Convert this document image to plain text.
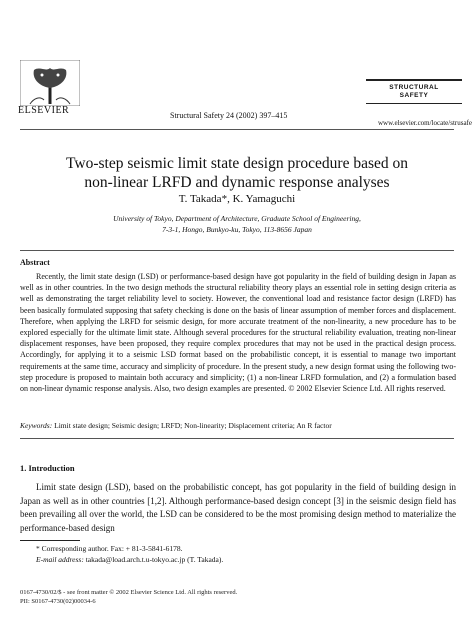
ELSEVIER	Structural Safety 24 (2002) 397–415
STRUCTURAL
SAFETY
www.elsevier.com/locate/strusafe
Two-step seismic limit state design procedure based on
non-linear LRFD and dynamic response analyses
T. Takada*, K. Yamaguchi
University of Tokyo, Department of Architecture, Graduate School of Engineering,
7-3-1, Hongo, Bunkyo-ku, Tokyo, 113-8656 Japan
Abstract
Recently, the limit state design (LSD) or performance-based design have got popularity in the field of building design in Japan as well as in other countries. In the two design methods the structural reliability theory plays an essential role in setting design criteria as well as demonstrating the target reliability level to society. However, the conventional load and resistance factor design (LRFD) has been basically formulated supposing that safety checking is done on the basis of linear assumption of member forces and displacement. Therefore, when applying the LRFD for seismic design, for more accurate treatment of the non-linearity, a new procedure has to be explored especially for the ultimate limit state. Although several procedures for the structural reliability evaluation, treating non-linear displacement responses, have been proposed, they require complex procedures that may not be used in the practical design process. Accordingly, for applying it to a seismic LSD format based on the probabilistic concept, it is essential to manage two important requirements at the same time, accuracy and simplicity of procedure. In the present study, a new design format using the following two-step procedure is proposed to maintain both accuracy and simplicity; (1) a non-linear LRFD formulation, and (2) a formulation based on non-linear dynamic response analysis. Also, two design examples are presented. © 2002 Elsevier Science Ltd. All rights reserved.
Keywords: Limit state design; Seismic design; LRFD; Non-linearity; Displacement criteria; An R factor
1. Introduction
Limit state design (LSD), based on the probabilistic concept, has got popularity in the field of building design in Japan as well as in other countries [1,2]. Although performance-based design concept [3] in the seismic design field has been prevailing all over the world, the LSD can be considered to be the most promising design method to materialize the performance-based design
* Corresponding author. Fax: + 81-3-5841-6178.
E-mail address: takada@load.arch.t.u-tokyo.ac.jp (T. Takada).
0167-4730/02/$ - see front matter © 2002 Elsevier Science Ltd. All rights reserved.
PII: S0167-4730(02)00034-6
